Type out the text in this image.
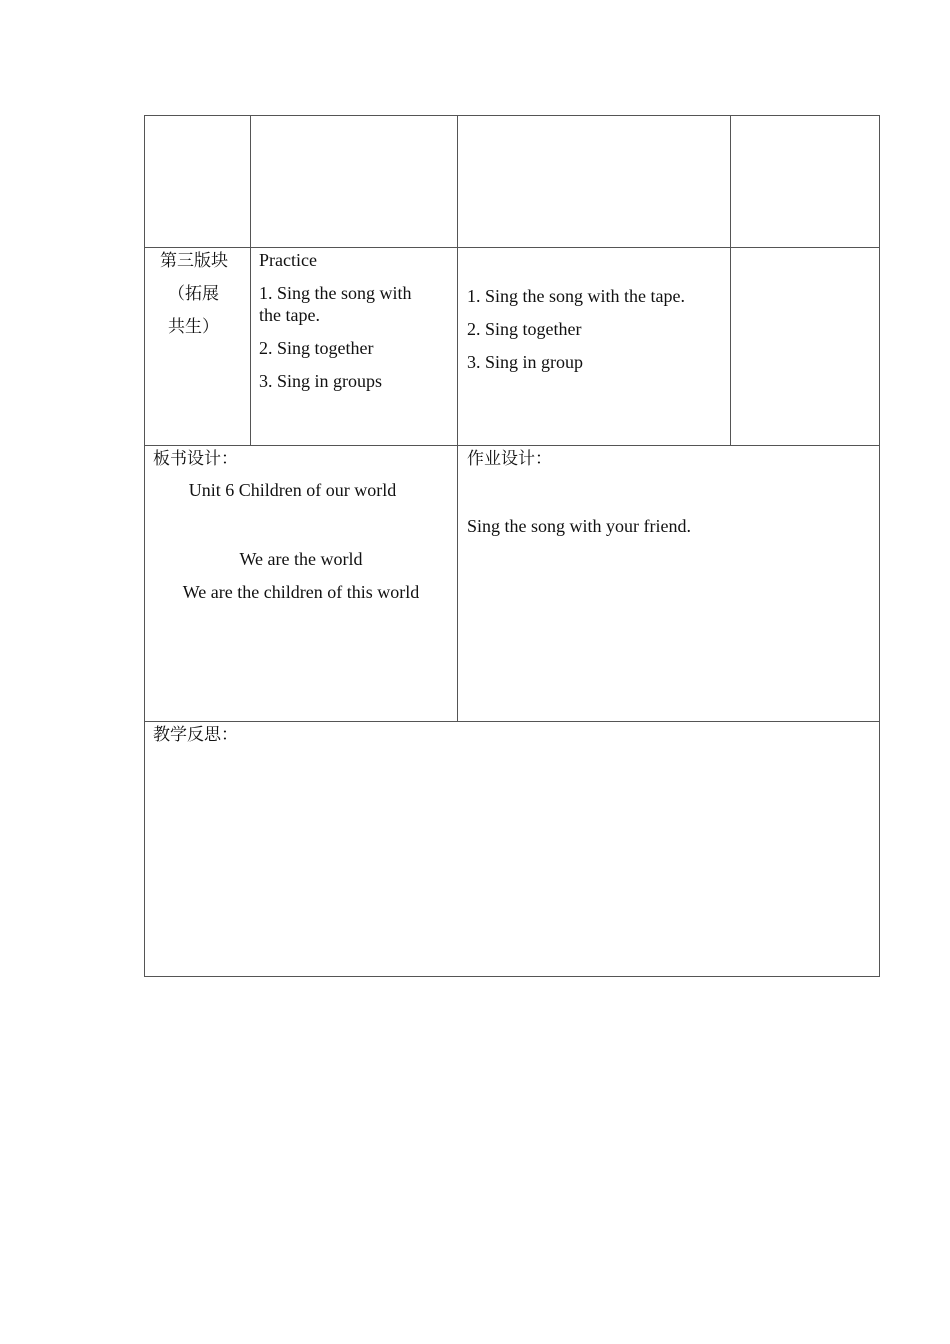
第三版块
（拓展
共生）
Practice
1. Sing the song with
the tape.
2. Sing together
3. Sing in groups
1. Sing the song with the tape.
2. Sing together
3. Sing in group
板书设计：
Unit 6 Children of our world
We are the world
We are the children of this world
作业设计：
Sing the song with your friend.
教学反思：
